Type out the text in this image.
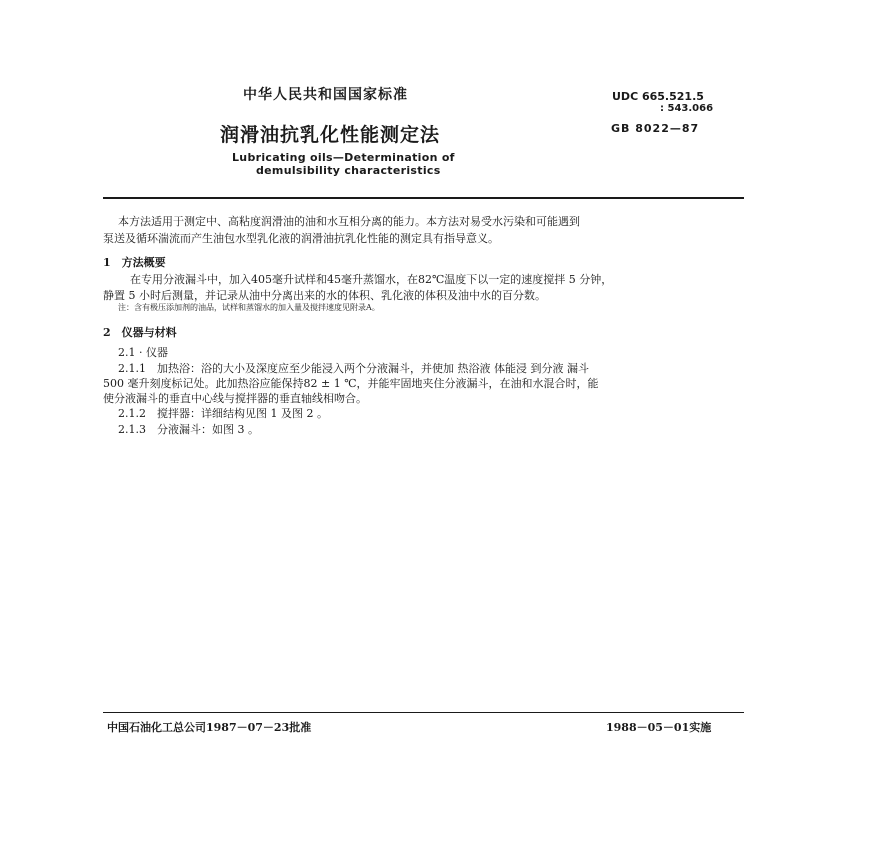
中华人民共和国国家标准
润滑油抗乳化性能测定法
UDC 665.521.5
: 543.066
GB 8022—87
Lubricating oils—Determination of
demulsibility characteristics
本方法适用于测定中、高粘度润滑油的油和水互相分离的能力。本方法对易受水污染和可能遇到
泵送及循环湍流而产生油包水型乳化液的润滑油抗乳化性能的测定具有指导意义。
1　方法概要
在专用分液漏斗中，加入405毫升试样和45毫升蒸馏水，在82℃温度下以一定的速度搅拌 5 分钟，
静置 5 小时后测量，并记录从油中分离出来的水的体积、乳化液的体积及油中水的百分数。
注：含有极压添加剂的油品，试样和蒸馏水的加入量及搅拌速度见附录A。
2　仪器与材料
2.1 · 仪器
2.1.1　加热浴：浴的大小及深度应至少能浸入两个分液漏斗，并使加 热浴液 体能浸 到分液 漏斗
500 毫升刻度标记处。此加热浴应能保持82 ± 1 ℃，并能牢固地夹住分液漏斗，在油和水混合时，能
使分液漏斗的垂直中心线与搅拌器的垂直轴线相吻合。
2.1.2　搅拌器：详细结构见图 1 及图 2 。
2.1.3　分液漏斗：如图 3 。
中国石油化工总公司1987－07－23批准	1988－05－01实施
